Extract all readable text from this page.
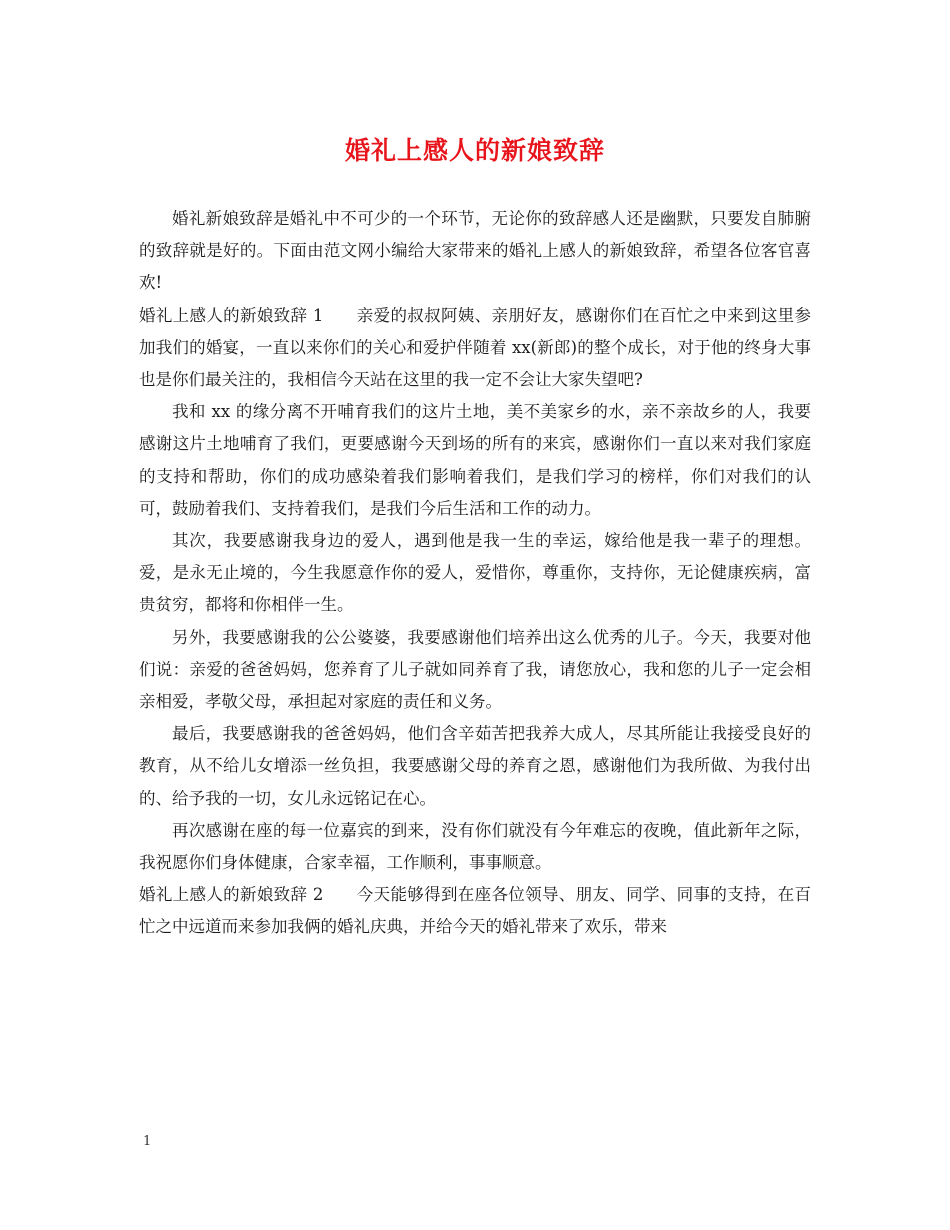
婚礼上感人的新娘致辞

婚礼新娘致辞是婚礼中不可少的一个环节，无论你的致辞感人还是幽默，只要发自肺腑的致辞就是好的。下面由范文网小编给大家带来的婚礼上感人的新娘致辞，希望各位客官喜欢!

婚礼上感人的新娘致辞 1 亲爱的叔叔阿姨、亲朋好友，感谢你们在百忙之中来到这里参加我们的婚宴，一直以来你们的关心和爱护伴随着 xx(新郎)的整个成长，对于他的终身大事也是你们最关注的，我相信今天站在这里的我一定不会让大家失望吧?

我和 xx 的缘分离不开哺育我们的这片土地，美不美家乡的水，亲不亲故乡的人，我要感谢这片土地哺育了我们，更要感谢今天到场的所有的来宾，感谢你们一直以来对我们家庭的支持和帮助，你们的成功感染着我们影响着我们，是我们学习的榜样，你们对我们的认可，鼓励着我们、支持着我们，是我们今后生活和工作的动力。

其次，我要感谢我身边的爱人，遇到他是我一生的幸运，嫁给他是我一辈子的理想。爱，是永无止境的，今生我愿意作你的爱人，爱惜你，尊重你，支持你，无论健康疾病，富贵贫穷，都将和你相伴一生。

另外，我要感谢我的公公婆婆，我要感谢他们培养出这么优秀的儿子。今天，我要对他们说：亲爱的爸爸妈妈，您养育了儿子就如同养育了我，请您放心，我和您的儿子一定会相亲相爱，孝敬父母，承担起对家庭的责任和义务。

最后，我要感谢我的爸爸妈妈，他们含辛茹苦把我养大成人，尽其所能让我接受良好的教育，从不给儿女增添一丝负担，我要感谢父母的养育之恩，感谢他们为我所做、为我付出的、给予我的一切，女儿永远铭记在心。

再次感谢在座的每一位嘉宾的到来，没有你们就没有今年难忘的夜晚，值此新年之际，我祝愿你们身体健康，合家幸福，工作顺利，事事顺意。

婚礼上感人的新娘致辞 2 今天能够得到在座各位领导、朋友、同学、同事的支持，在百忙之中远道而来参加我俩的婚礼庆典，并给今天的婚礼带来了欢乐，带来

1
